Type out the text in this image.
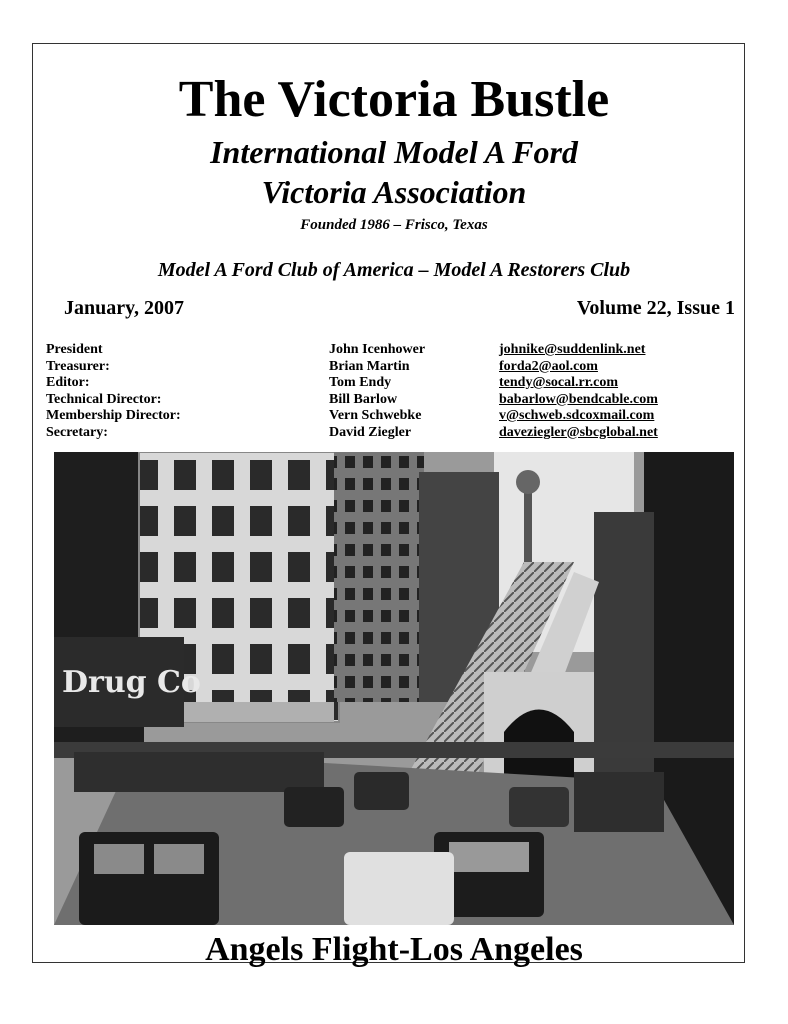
The Victoria Bustle
International Model A Ford
Victoria Association
Founded 1986 – Frisco, Texas
Model A Ford Club of America – Model A Restorers Club
January, 2007	Volume 22, Issue 1
President	John Icenhower	johnike@suddenlink.net
Treasurer:	Brian Martin	forda2@aol.com
Editor:	Tom Endy	tendy@socal.rr.com
Technical Director:	Bill Barlow	babarlow@bendcable.com
Membership Director:	Vern Schwebke	v@schweb.sdcoxmail.com
Secretary:	David Ziegler	daveziegler@sbcglobal.net
Drug Co
Angels Flight-Los Angeles
